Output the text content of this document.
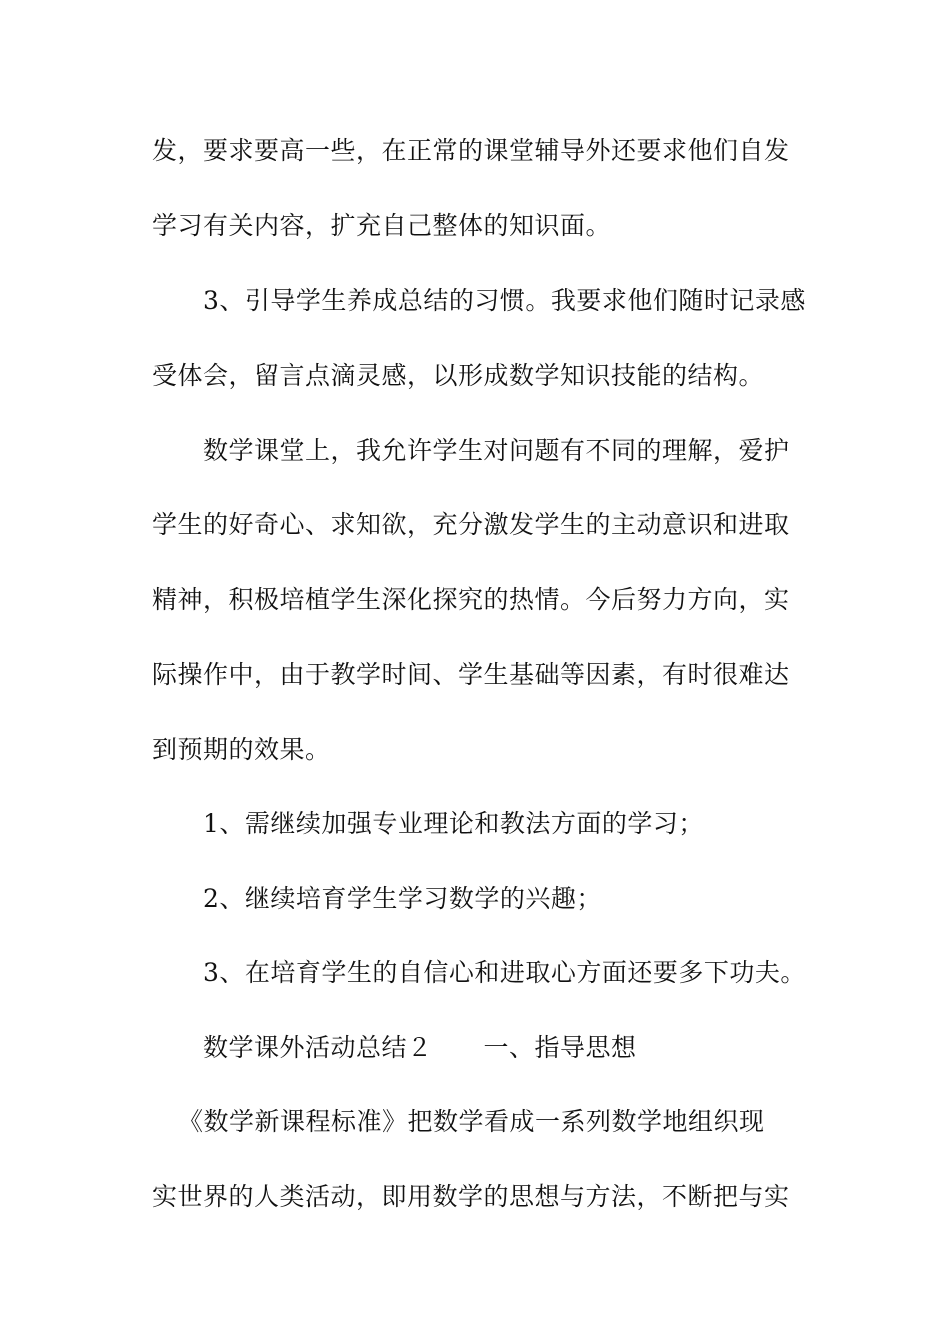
发，要求要高一些，在正常的课堂辅导外还要求他们自发
学习有关内容，扩充自己整体的知识面。
3、引导学生养成总结的习惯。我要求他们随时记录感
受体会，留言点滴灵感，以形成数学知识技能的结构。
数学课堂上，我允许学生对问题有不同的理解，爱护
学生的好奇心、求知欲，充分激发学生的主动意识和进取
精神，积极培植学生深化探究的热情。今后努力方向，实
际操作中，由于教学时间、学生基础等因素，有时很难达
到预期的效果。
1、需继续加强专业理论和教法方面的学习；
2、继续培育学生学习数学的兴趣；
3、在培育学生的自信心和进取心方面还要多下功夫。
数学课外活动总结２　　一、指导思想
《数学新课程标准》把数学看成一系列数学地组织现
实世界的人类活动，即用数学的思想与方法，不断把与实
